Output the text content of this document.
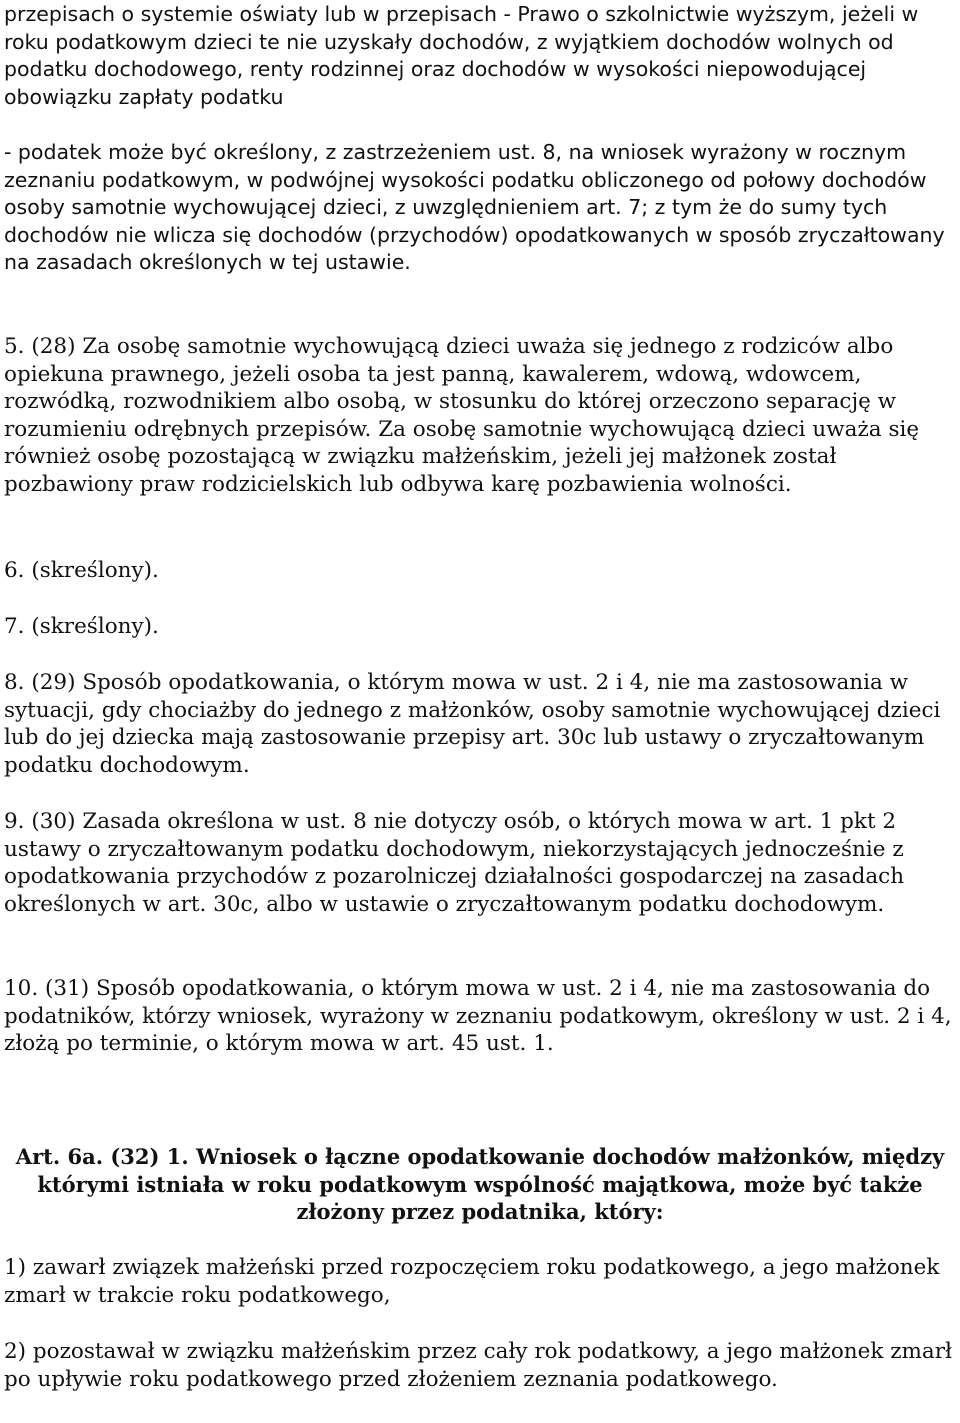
przepisach o systemie oświaty lub w przepisach - Prawo o szkolnictwie wyższym, jeżeli w roku podatkowym dzieci te nie uzyskały dochodów, z wyjątkiem dochodów wolnych od podatku dochodowego, renty rodzinnej oraz dochodów w wysokości niepowodującej obowiązku zapłaty podatku

- podatek może być określony, z zastrzeżeniem ust. 8, na wniosek wyrażony w rocznym zeznaniu podatkowym, w podwójnej wysokości podatku obliczonego od połowy dochodów osoby samotnie wychowującej dzieci, z uwzględnieniem art. 7; z tym że do sumy tych dochodów nie wlicza się dochodów (przychodów) opodatkowanych w sposób zryczałtowany na zasadach określonych w tej ustawie.

5. (28) Za osobę samotnie wychowującą dzieci uważa się jednego z rodziców albo opiekuna prawnego, jeżeli osoba ta jest panną, kawalerem, wdową, wdowcem, rozwódką, rozwodnikiem albo osobą, w stosunku do której orzeczono separację w rozumieniu odrębnych przepisów. Za osobę samotnie wychowującą dzieci uważa się również osobę pozostającą w związku małżeńskim, jeżeli jej małżonek został pozbawiony praw rodzicielskich lub odbywa karę pozbawienia wolności.

6. (skreślony).

7. (skreślony).

8. (29) Sposób opodatkowania, o którym mowa w ust. 2 i 4, nie ma zastosowania w sytuacji, gdy chociażby do jednego z małżonków, osoby samotnie wychowującej dzieci lub do jej dziecka mają zastosowanie przepisy art. 30c lub ustawy o zryczałtowanym podatku dochodowym.

9. (30) Zasada określona w ust. 8 nie dotyczy osób, o których mowa w art. 1 pkt 2 ustawy o zryczałtowanym podatku dochodowym, niekorzystających jednocześnie z opodatkowania przychodów z pozarolniczej działalności gospodarczej na zasadach określonych w art. 30c, albo w ustawie o zryczałtowanym podatku dochodowym.

10. (31) Sposób opodatkowania, o którym mowa w ust. 2 i 4, nie ma zastosowania do podatników, którzy wniosek, wyrażony w zeznaniu podatkowym, określony w ust. 2 i 4, złożą po terminie, o którym mowa w art. 45 ust. 1.

Art. 6a. (32) 1. Wniosek o łączne opodatkowanie dochodów małżonków, między którymi istniała w roku podatkowym wspólność majątkowa, może być także złożony przez podatnika, który:

1) zawarł związek małżeński przed rozpoczęciem roku podatkowego, a jego małżonek zmarł w trakcie roku podatkowego,

2) pozostawał w związku małżeńskim przez cały rok podatkowy, a jego małżonek zmarł po upływie roku podatkowego przed złożeniem zeznania podatkowego.
